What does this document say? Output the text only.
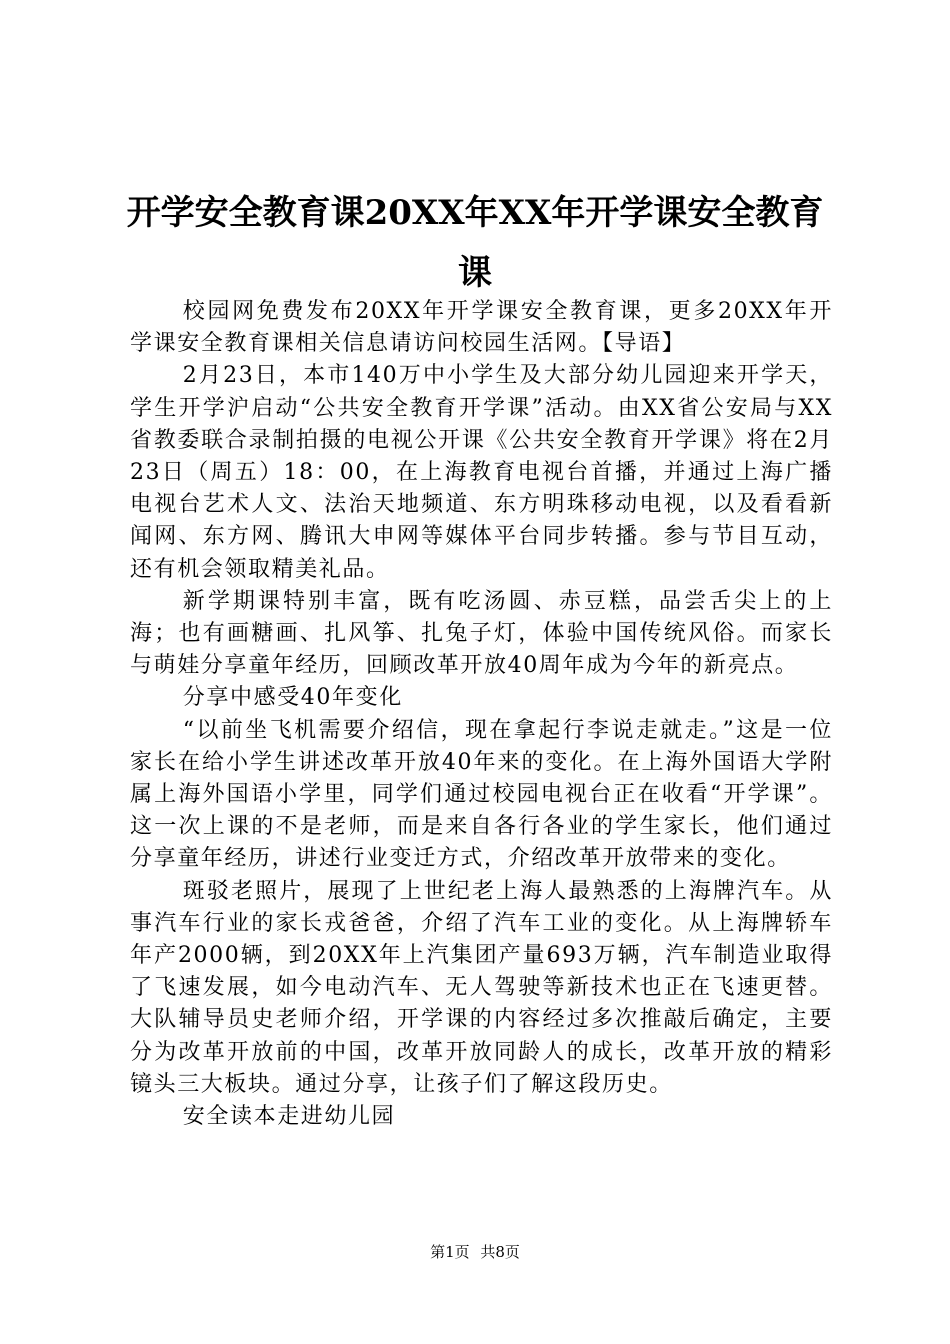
开学安全教育课20XX年XX年开学课安全教育课

校园网免费发布20XX年开学课安全教育课，更多20XX年开学课安全教育课相关信息请访问校园生活网。【导语】

2月23日，本市140万中小学生及大部分幼儿园迎来开学天，学生开学沪启动“公共安全教育开学课”活动。由XX省公安局与XX省教委联合录制拍摄的电视公开课《公共安全教育开学课》将在2月23日（周五）18：00，在上海教育电视台首播，并通过上海广播电视台艺术人文、法治天地频道、东方明珠移动电视，以及看看新闻网、东方网、腾讯大申网等媒体平台同步转播。参与节目互动，还有机会领取精美礼品。

新学期课特别丰富，既有吃汤圆、赤豆糕，品尝舌尖上的上海；也有画糖画、扎风筝、扎兔子灯，体验中国传统风俗。而家长与萌娃分享童年经历，回顾改革开放40周年成为今年的新亮点。

分享中感受40年变化

“以前坐飞机需要介绍信，现在拿起行李说走就走。”这是一位家长在给小学生讲述改革开放40年来的变化。在上海外国语大学附属上海外国语小学里，同学们通过校园电视台正在收看“开学课”。这一次上课的不是老师，而是来自各行各业的学生家长，他们通过分享童年经历，讲述行业变迁方式，介绍改革开放带来的变化。

斑驳老照片，展现了上世纪老上海人最熟悉的上海牌汽车。从事汽车行业的家长戎爸爸，介绍了汽车工业的变化。从上海牌轿车年产2000辆，到20XX年上汽集团产量693万辆，汽车制造业取得了飞速发展，如今电动汽车、无人驾驶等新技术也正在飞速更替。大队辅导员史老师介绍，开学课的内容经过多次推敲后确定，主要分为改革开放前的中国，改革开放同龄人的成长，改革开放的精彩镜头三大板块。通过分享，让孩子们了解这段历史。

安全读本走进幼儿园

第1页 共8页
